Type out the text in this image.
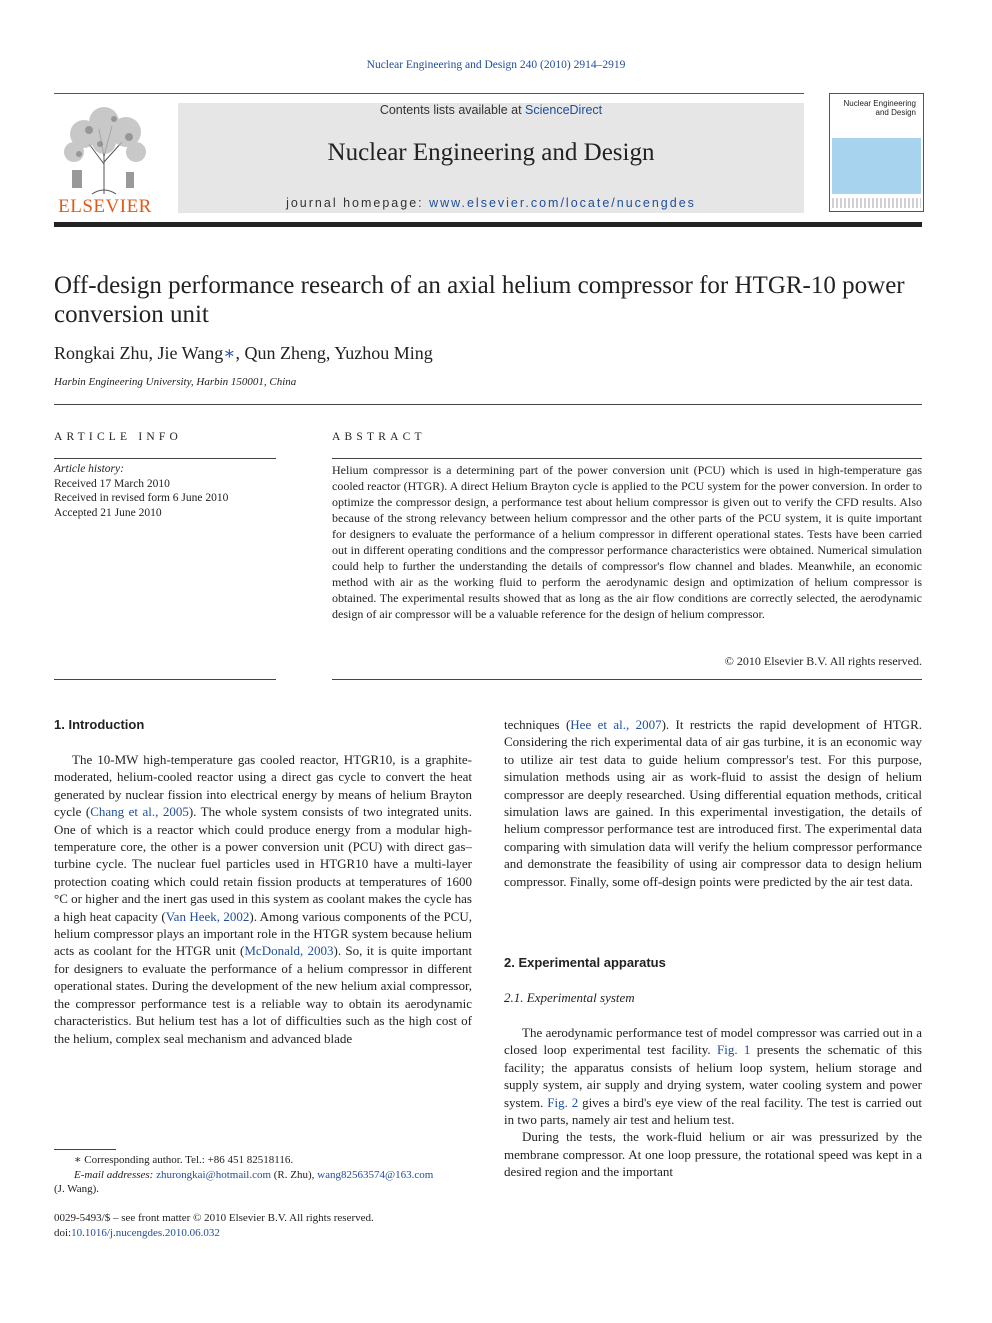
Nuclear Engineering and Design 240 (2010) 2914–2919
ELSEVIER
Contents lists available at ScienceDirect
Nuclear Engineering and Design
journal homepage: www.elsevier.com/locate/nucengdes
Nuclear Engineering
and Design
Off-design performance research of an axial helium compressor for HTGR-10 power conversion unit
Rongkai Zhu, Jie Wang∗, Qun Zheng, Yuzhou Ming
Harbin Engineering University, Harbin 150001, China
ARTICLE INFO	ABSTRACT
Article history:
Received 17 March 2010
Received in revised form 6 June 2010
Accepted 21 June 2010

Helium compressor is a determining part of the power conversion unit (PCU) which is used in high-temperature gas cooled reactor (HTGR). A direct Helium Brayton cycle is applied to the PCU system for the power conversion. In order to optimize the compressor design, a performance test about helium compressor is given out to verify the CFD results. Also because of the strong relevancy between helium compressor and the other parts of the PCU system, it is quite important for designers to evaluate the performance of a helium compressor in different operational states. Tests have been carried out in different operating conditions and the compressor performance characteristics were obtained. Numerical simulation could help to further the understanding the details of compressor's flow channel and blades. Meanwhile, an economic method with air as the working fluid to perform the aerodynamic design and optimization of helium compressor is obtained. The experimental results showed that as long as the air flow conditions are correctly selected, the aerodynamic design of air compressor will be a valuable reference for the design of helium compressor.

© 2010 Elsevier B.V. All rights reserved.
1. Introduction

The 10-MW high-temperature gas cooled reactor, HTGR10, is a graphite-moderated, helium-cooled reactor using a direct gas cycle to convert the heat generated by nuclear fission into electrical energy by means of helium Brayton cycle (Chang et al., 2005). The whole system consists of two integrated units. One of which is a reactor which could produce energy from a modular high-temperature core, the other is a power conversion unit (PCU) with direct gas–turbine cycle. The nuclear fuel particles used in HTGR10 have a multi-layer protection coating which could retain fission products at temperatures of 1600 °C or higher and the inert gas used in this system as coolant makes the cycle has a high heat capacity (Van Heek, 2002). Among various components of the PCU, helium compressor plays an important role in the HTGR system because helium acts as coolant for the HTGR unit (McDonald, 2003). So, it is quite important for designers to evaluate the performance of a helium compressor in different operational states. During the development of the new helium axial compressor, the compressor performance test is a reliable way to obtain its aerodynamic characteristics. But helium test has a lot of difficulties such as the high cost of the helium, complex seal mechanism and advanced blade

∗ Corresponding author. Tel.: +86 451 82518116.
E-mail addresses: zhurongkai@hotmail.com (R. Zhu), wang82563574@163.com
(J. Wang).
0029-5493/$ – see front matter © 2010 Elsevier B.V. All rights reserved.
doi:10.1016/j.nucengdes.2010.06.032

techniques (Hee et al., 2007). It restricts the rapid development of HTGR. Considering the rich experimental data of air gas turbine, it is an economic way to utilize air test data to guide helium compressor's test. For this purpose, simulation methods using air as work-fluid to assist the design of helium compressor are deeply researched. Using differential equation methods, critical simulation laws are gained. In this experimental investigation, the details of helium compressor performance test are introduced first. The experimental data comparing with simulation data will verify the helium compressor performance and demonstrate the feasibility of using air compressor data to design helium compressor. Finally, some off-design points were predicted by the air test data.

2. Experimental apparatus
2.1. Experimental system

The aerodynamic performance test of model compressor was carried out in a closed loop experimental test facility. Fig. 1 presents the schematic of this facility; the apparatus consists of helium loop system, helium storage and supply system, air supply and drying system, water cooling system and power system. Fig. 2 gives a bird's eye view of the real facility. The test is carried out in two parts, namely air test and helium test.

During the tests, the work-fluid helium or air was pressurized by the membrane compressor. At one loop pressure, the rotational speed was kept in a desired region and the important
